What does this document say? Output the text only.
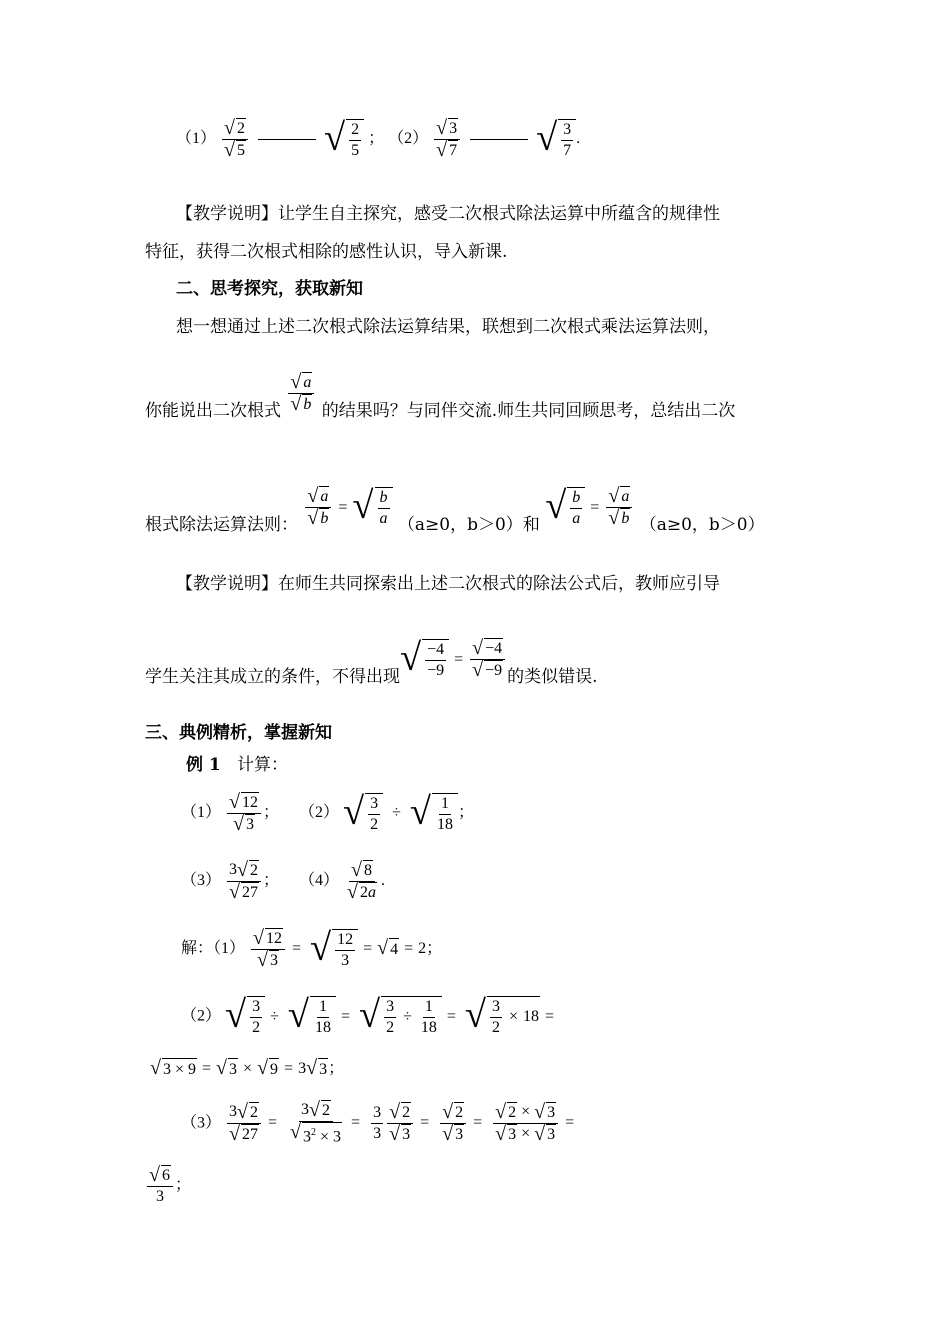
$(1) \frac{√ 2}{√ 5}$
√ $\frac{2}{5}$ ； $(2) \frac{√ 3}{√ 7}$
√ $\frac{3}{7}$ .
【教学说明】让学生自主探究，感受二次根式除法运算中所蕴含的规律性
特征，获得二次根式相除的感性认识，导入新课.
二、思考探究，获取新知
想一想通过上述二次根式除法运算结果，联想到二次根式乘法运算法则，
你能说出二次根式 $\frac{√ a}{√ b}$ 的结果吗？与同伴交流.师生共同回顾思考，总结出二次
根式除法运算法则： $\frac{√ a}{√ b}$ = √ $\frac{b}{a} (a\ge 0$，b＞0）和 √ $\frac{b}{a} = \frac{√ a}{√ b} (a\ge 0$，b＞0）
【教学说明】在师生共同探索出上述二次根式的除法公式后，教师应引导
学生关注其成立的条件，不得出现 √ $\frac{-4}{-9} = \frac{√ -4}{√ -9}$ 的类似错误.
三、典例精析，掌握新知
例 1 计算：
$(1) \frac{√ 12}{√ 3}$ ；     （2） √ $\frac{3}{2}$ ÷ √ $\frac{1}{18}$ ；
$(3) \frac{3 √ 2}{√ 27}$ ；     $(4) \frac{√ 8}{√ 2a}$ .
解：$(1) \frac{√ 12}{√ 3}$ = √ $\frac{12}{3}$ = √ 4 = 2；
（2） √ $\frac{3}{2}$ ÷ √ $\frac{1}{18}$ = √ $\frac{3}{2} \div \frac{1}{18}$ = √ $\frac{3}{2} \times 18$ =
√ 3 × 9 = √ 3 × √ 9 = 3 √ 3 ；
$(3) \frac{3 √ 2}{√ 27} = \frac{3 √ 2}{√ 3^2 \times 3} = \frac{3}{3} \frac{√ 2}{√ 3} = \frac{√ 2}{√ 3} = \frac{√ 2 \times √ 3}{√ 3 \times √ 3}$ =
$\frac{√ 6}{3}$ ；
